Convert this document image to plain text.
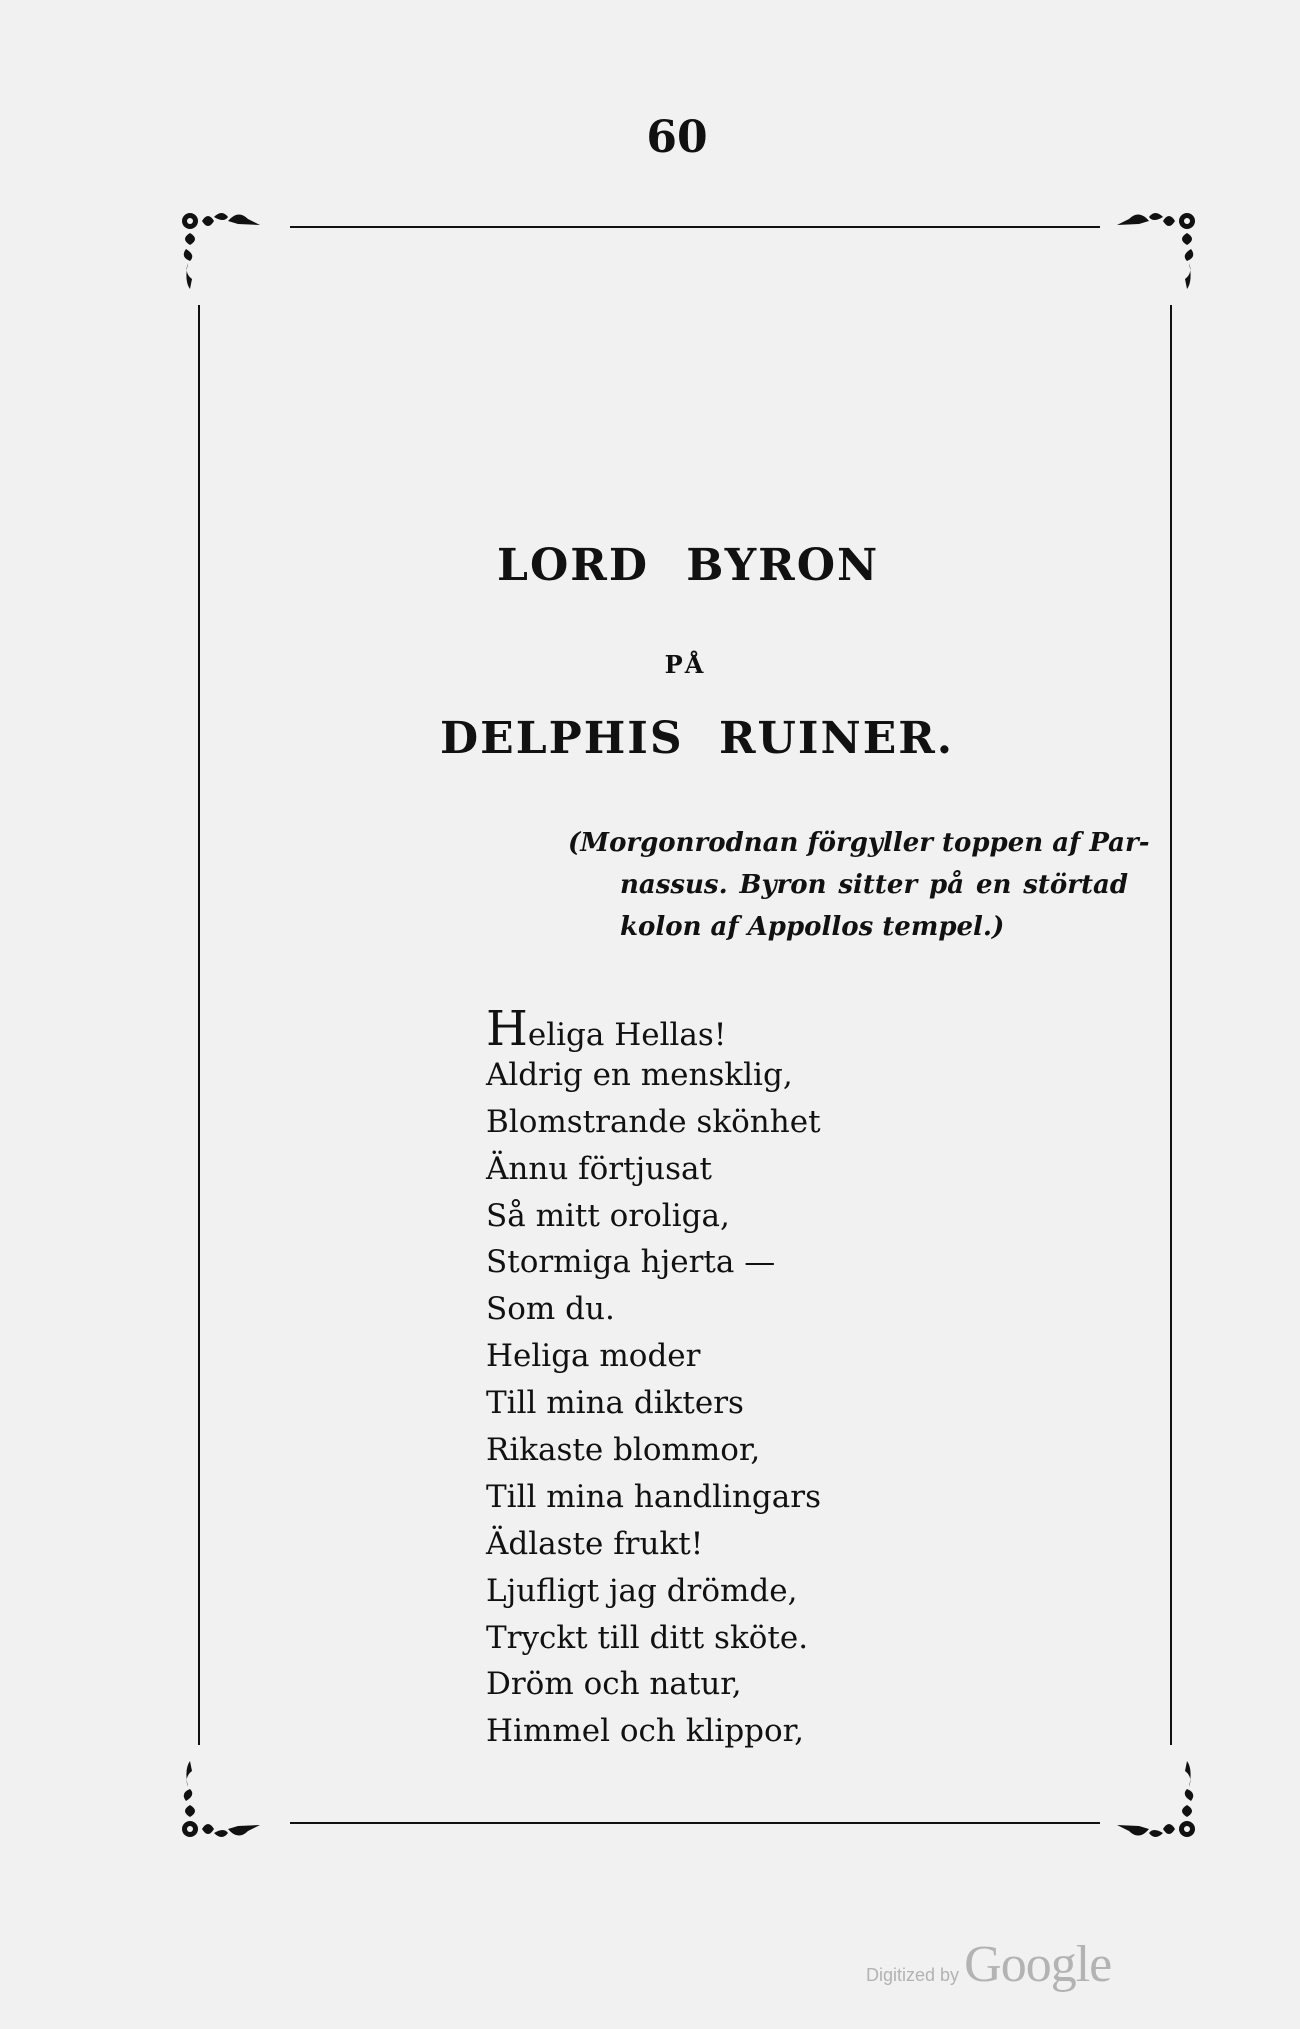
60
LORD BYRON
PÅ
DELPHIS RUINER.
(Morgonrodnan förgyller toppen af Par-
nassus. Byron sitter på en störtad
kolon af Appollos tempel.)
Heliga Hellas!
Aldrig en mensklig,
Blomstrande skönhet
Ännu förtjusat
Så mitt oroliga,
Stormiga hjerta —
Som du.
Heliga moder
Till mina dikters
Rikaste blommor,
Till mina handlingars
Ädlaste frukt!
Ljufligt jag drömde,
Tryckt till ditt sköte.
Dröm och natur,
Himmel och klippor,
Digitized by Google
